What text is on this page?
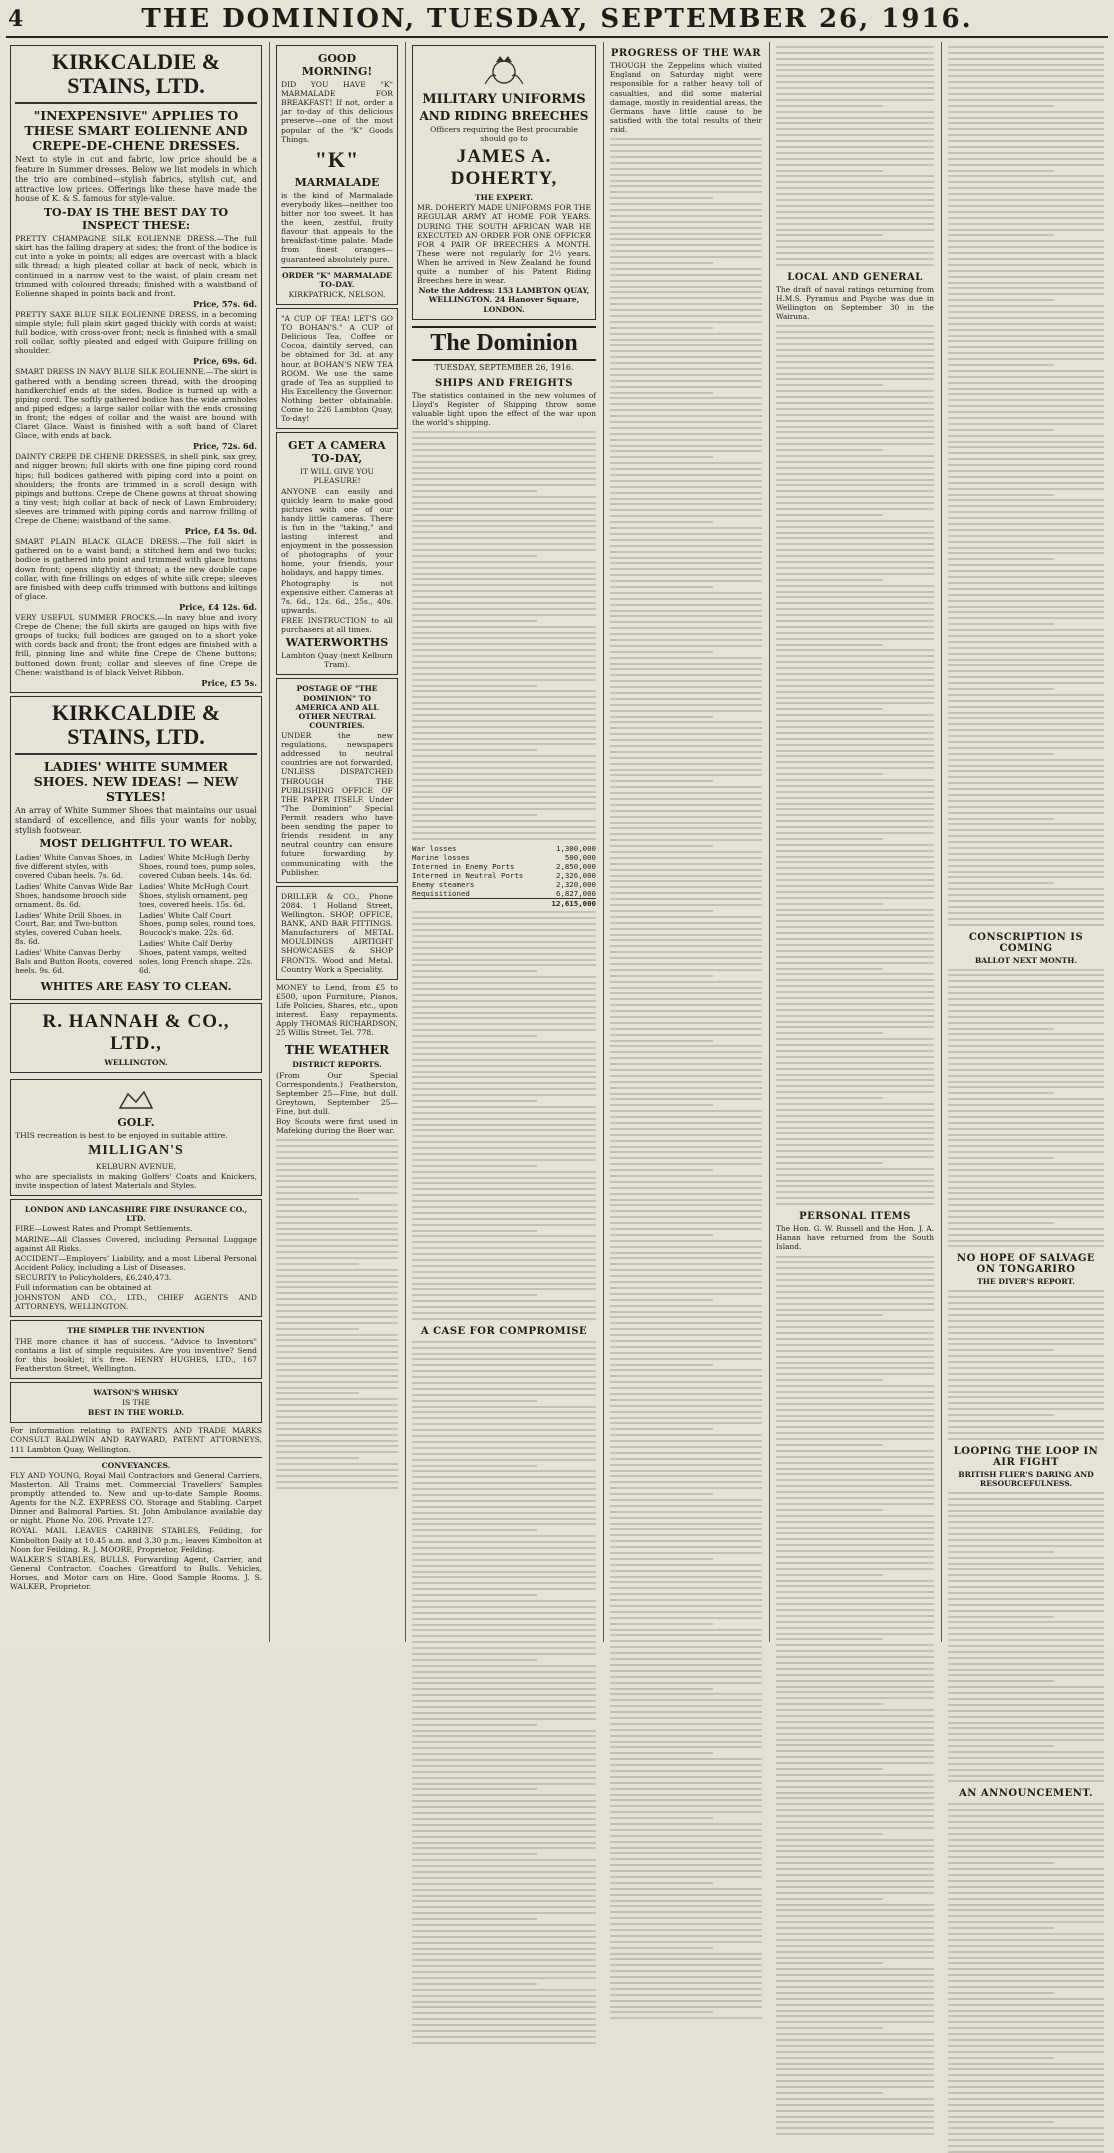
4	THE DOMINION, TUESDAY, SEPTEMBER 26, 1916.
KIRKCALDIE & STAINS, LTD.
"INEXPENSIVE" APPLIES TO THESE SMART EOLIENNE AND CREPE-DE-CHENE DRESSES.
Next to style in cut and fabric, low price should be a feature in Summer dresses. Below we list models in which the trio are combined—stylish fabrics, stylish cut, and attractive low prices. Offerings like these have made the house of K. & S. famous for style-value.
TO-DAY IS THE BEST DAY TO INSPECT THESE:
PRETTY CHAMPAGNE SILK EOLIENNE DRESS.—The full skirt has the falling drapery at sides; the front of the bodice is cut into a yoke in points; all edges are overcast with a black silk thread; a high pleated collar at back of neck, which is continued in a narrow vest to the waist, of plain cream net trimmed with coloured threads; finished with a waistband of Eolienne shaped in points back and front.
Price, 57s. 6d.
PRETTY SAXE BLUE SILK EOLIENNE DRESS, in a becoming simple style; full plain skirt gaged thickly with cords at waist; full bodice, with cross-over front; neck is finished with a small roll collar, softly pleated and edged with Guipure frilling on shoulder.
Price, 69s. 6d.
SMART DRESS IN NAVY BLUE SILK EOLIENNE.—The skirt is gathered with a bending screen thread, with the drooping handkerchief ends at the sides. Bodice is turned up with a piping cord. The softly gathered bodice has the wide armholes and piped edges; a large sailor collar with the ends crossing in front; the edges of collar and the waist are bound with Claret Glace. Waist is finished with a soft band of Claret Glace, with ends at back.
Price, 72s. 6d.
DAINTY CREPE DE CHENE DRESSES, in shell pink, sax grey, and nigger brown; full skirts with one fine piping cord round hips; full bodices gathered with piping cord into a point on shoulders; the fronts are trimmed in a scroll design with pipings and buttons. Crepe de Chene gowns at throat showing a tiny vest; high collar at back of neck of Lawn Embroidery; sleeves are trimmed with piping cords and narrow frilling of Crepe de Chene; waistband of the same.
Price, £4 5s. 0d.
SMART PLAIN BLACK GLACE DRESS.—The full skirt is gathered on to a waist band; a stitched hem and two tucks; bodice is gathered into point and trimmed with glace buttons down front; opens slightly at throat; a the new double cape collar, with fine frillings on edges of white silk crepe; sleeves are finished with deep cuffs trimmed with buttons and kiltings of glace.
Price, £4 12s. 6d.
VERY USEFUL SUMMER FROCKS.—In navy blue and ivory Crepe de Chene; the full skirts are gauged on hips with five groups of tucks; full bodices are gauged on to a short yoke with cords back and front; the front edges are finished with a frill, pinning line and white fine Crepe de Chene buttons; buttoned down front; collar and sleeves of fine Crepe de Chene: waistband is of black Velvet Ribbon.
Price, £5 5s.
KIRKCALDIE & STAINS, LTD.
LADIES' WHITE SUMMER SHOES. NEW IDEAS! — NEW STYLES!
An array of White Summer Shoes that maintains our usual standard of excellence, and fills your wants for nobby, stylish footwear.
MOST DELIGHTFUL TO WEAR.
Ladies' White Canvas Shoes, in five different styles, with covered Cuban heels. 7s. 6d.
Ladies' White Canvas Wide Bar Shoes, handsome brooch side ornament. 8s. 6d.
Ladies' White Drill Shoes, in Court, Bar, and Two-button styles, covered Cuban heels. 8s. 6d.
Ladies' White Canvas Derby Bals and Button Boots, covered heels. 9s. 6d.
Ladies' White McHugh Derby Shoes, round toes, pump soles, covered Cuban heels. 14s. 6d.
Ladies' White McHugh Court Shoes, stylish ornament, peg toes, covered heels. 15s. 6d.
Ladies' White Calf Court Shoes, pump soles, round toes, Boucock's make. 22s. 6d.
Ladies' White Calf Derby Shoes, patent vamps, welted soles, long French shape. 22s. 6d.
WHITES ARE EASY TO CLEAN.
R. HANNAH & CO., LTD.,
WELLINGTON.
GOLF.
THIS recreation is best to be enjoyed in suitable attire.
MILLIGAN'S
KELBURN AVENUE,
who are specialists in making Golfers' Coats and Knickers, invite inspection of latest Materials and Styles.
LONDON AND LANCASHIRE FIRE INSURANCE CO., LTD.
FIRE—Lowest Rates and Prompt Settlements.
MARINE—All Classes Covered, including Personal Luggage against All Risks.
ACCIDENT—Employers' Liability, and a most Liberal Personal Accident Policy, including a List of Diseases.
SECURITY to Policyholders, £6,240,473.
Full information can be obtained at
JOHNSTON AND CO., LTD., CHIEF AGENTS AND ATTORNEYS, WELLINGTON.
THE SIMPLER THE INVENTION
THE more chance it has of success. "Advice to Inventors" contains a list of simple requisites. Are you inventive? Send for this booklet; it's free. HENRY HUGHES, LTD., 167 Featherston Street, Wellington.
WATSON'S WHISKY
IS THE
BEST IN THE WORLD.
For information relating to PATENTS AND TRADE MARKS CONSULT BALDWIN AND RAYWARD, PATENT ATTORNEYS, 111 Lambton Quay, Wellington.
CONVEYANCES.
FLY AND YOUNG, Royal Mail Contractors and General Carriers, Masterton. All Trains met. Commercial Travellers' Samples promptly attended to. New and up-to-date Sample Rooms. Agents for the N.Z. EXPRESS CO. Storage and Stabling. Carpet Dinner and Balmoral Parties. St. John Ambulance available day or night. Phone No. 206. Private 127.
ROYAL MAIL LEAVES CARBINE STABLES, Feilding, for Kimbolton Daily at 10.45 a.m. and 3.30 p.m.; leaves Kimbolton at Noon for Feilding. R. J. MOORE, Proprietor, Feilding.
WALKER'S STABLES, BULLS. Forwarding Agent, Carrier, and General Contractor. Coaches Greatford to Bulls. Vehicles, Horses, and Motor cars on Hire. Good Sample Rooms. J. S. WALKER, Proprietor.
GOOD MORNING!
DID YOU HAVE "K" MARMALADE FOR BREAKFAST! If not, order a jar to-day of this delicious preserve—one of the most popular of the "K" Goods Things.
"K"
MARMALADE
is the kind of Marmalade everybody likes—neither too bitter nor too sweet. It has the keen, zestful, fruity flavour that appeals to the breakfast-time palate. Made from finest oranges—guaranteed absolutely pure.
ORDER "K" MARMALADE TO-DAY.
KIRKPATRICK, NELSON.
"A CUP OF TEA! LET'S GO TO BOHAN'S." A CUP of Delicious Tea, Coffee or Cocoa, daintily served, can be obtained for 3d. at any hour, at BOHAN'S NEW TEA ROOM. We use the same grade of Tea as supplied to His Excellency the Governor. Nothing better obtainable. Come to 226 Lambton Quay, To-day!
GET A CAMERA TO-DAY,
IT WILL GIVE YOU PLEASURE!
ANYONE can easily and quickly learn to make good pictures with one of our handy little cameras. There is fun in the "taking," and lasting interest and enjoyment in the possession of photographs of your home, your friends, your holidays, and happy times.
Photography is not expensive either. Cameras at 7s. 6d., 12s. 6d., 25s., 40s. upwards.
FREE INSTRUCTION to all purchasers at all times.
WATERWORTHS
Lambton Quay (next Kelburn Tram).
POSTAGE OF "THE DOMINION" TO AMERICA AND ALL OTHER NEUTRAL COUNTRIES.
UNDER the new regulations, newspapers addressed to neutral countries are not forwarded, UNLESS DISPATCHED THROUGH THE PUBLISHING OFFICE OF THE PAPER ITSELF. Under "The Dominion" Special Permit readers who have been sending the paper to friends resident in any neutral country can ensure future forwarding by communicating with the Publisher.
DRILLER & CO., Phone 2084. 1 Holland Street, Wellington. SHOP, OFFICE, BANK, AND BAR FITTINGS. Manufacturers of METAL MOULDINGS AIRTIGHT SHOWCASES & SHOP FRONTS. Wood and Metal. Country Work a Speciality.
MONEY to Lend, from £5 to £500, upon Furniture, Pianos, Life Policies, Shares, etc., upon interest. Easy repayments. Apply THOMAS RICHARDSON, 25 Willis Street. Tel. 778.
THE WEATHER
DISTRICT REPORTS.
(From Our Special Correspondents.) Featherston, September 25—Fine, but dull. Greytown, September 25—Fine, but dull.
Boy Scouts were first used in Mafeking during the Boer war.
MILITARY UNIFORMS
AND RIDING BREECHES
Officers requiring the Best procurable should go to
JAMES A. DOHERTY,
THE EXPERT.
MR. DOHERTY MADE UNIFORMS FOR THE REGULAR ARMY AT HOME FOR YEARS. DURING THE SOUTH AFRICAN WAR HE EXECUTED AN ORDER FOR ONE OFFICER FOR 4 PAIR OF BREECHES A MONTH. These were not regularly for 2½ years. When he arrived in New Zealand he found quite a number of his Patent Riding Breeches here in wear.
Note the Address: 153 LAMBTON QUAY, WELLINGTON. 24 Hanover Square, LONDON.
The Dominion
TUESDAY, SEPTEMBER 26, 1916.
SHIPS AND FREIGHTS
The statistics contained in the new volumes of Lloyd's Register of Shipping throw some valuable light upon the effect of the war upon the world's shipping.
War losses	1,300,000
Marine losses	500,000
Interned in Enemy Ports	2,850,000
Interned in Neutral Ports	2,326,000
Enemy steamers	2,320,000
Requisitioned	6,827,000
12,615,000
A CASE FOR COMPROMISE
PROGRESS OF THE WAR
THOUGH the Zeppelins which visited England on Saturday night were responsible for a rather heavy toll of casualties, and did some material damage, mostly in residential areas, the Germans have little cause to be satisfied with the total results of their raid.
LOCAL AND GENERAL
The draft of naval ratings returning from H.M.S. Pyramus and Psyche was due in Wellington on September 30 in the Wairuna.
PERSONAL ITEMS
The Hon. G. W. Russell and the Hon. J. A. Hanan have returned from the South Island.
CONSCRIPTION IS COMING
BALLOT NEXT MONTH.
NO HOPE OF SALVAGE ON TONGARIRO
THE DIVER'S REPORT.
LOOPING THE LOOP IN AIR FIGHT
BRITISH FLIER'S DARING AND RESOURCEFULNESS.
AN ANNOUNCEMENT.
